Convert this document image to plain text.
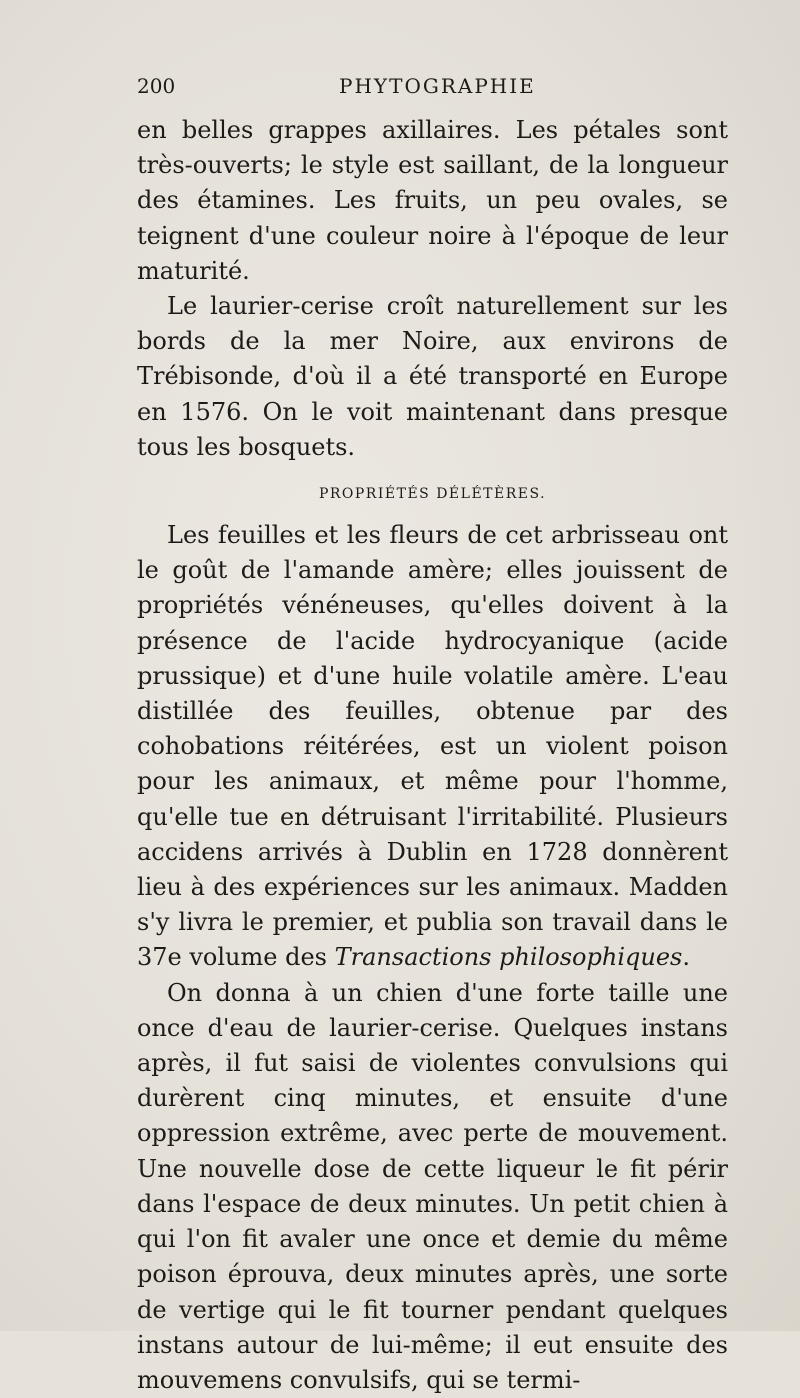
200	PHYTOGRAPHIE

en belles grappes axillaires. Les pétales sont très-ouverts; le style est saillant, de la longueur des étamines. Les fruits, un peu ovales, se teignent d'une couleur noire à l'époque de leur maturité.

Le laurier-cerise croît naturellement sur les bords de la mer Noire, aux environs de Trébisonde, d'où il a été transporté en Europe en 1576. On le voit maintenant dans presque tous les bosquets.

PROPRIÉTÉS DÉLÉTÈRES.

Les feuilles et les fleurs de cet arbrisseau ont le goût de l'amande amère; elles jouissent de propriétés vénéneuses, qu'elles doivent à la présence de l'acide hydrocyanique (acide prussique) et d'une huile volatile amère. L'eau distillée des feuilles, obtenue par des cohobations réitérées, est un violent poison pour les animaux, et même pour l'homme, qu'elle tue en détruisant l'irritabilité. Plusieurs accidens arrivés à Dublin en 1728 donnèrent lieu à des expériences sur les animaux. Madden s'y livra le premier, et publia son travail dans le 37e volume des Transactions philosophiques.

On donna à un chien d'une forte taille une once d'eau de laurier-cerise. Quelques instans après, il fut saisi de violentes convulsions qui durèrent cinq minutes, et ensuite d'une oppression extrême, avec perte de mouvement. Une nouvelle dose de cette liqueur le fit périr dans l'espace de deux minutes. Un petit chien à qui l'on fit avaler une once et demie du même poison éprouva, deux minutes après, une sorte de vertige qui le fit tourner pendant quelques instans autour de lui-même; il eut ensuite des mouvemens convulsifs, qui se termi-
